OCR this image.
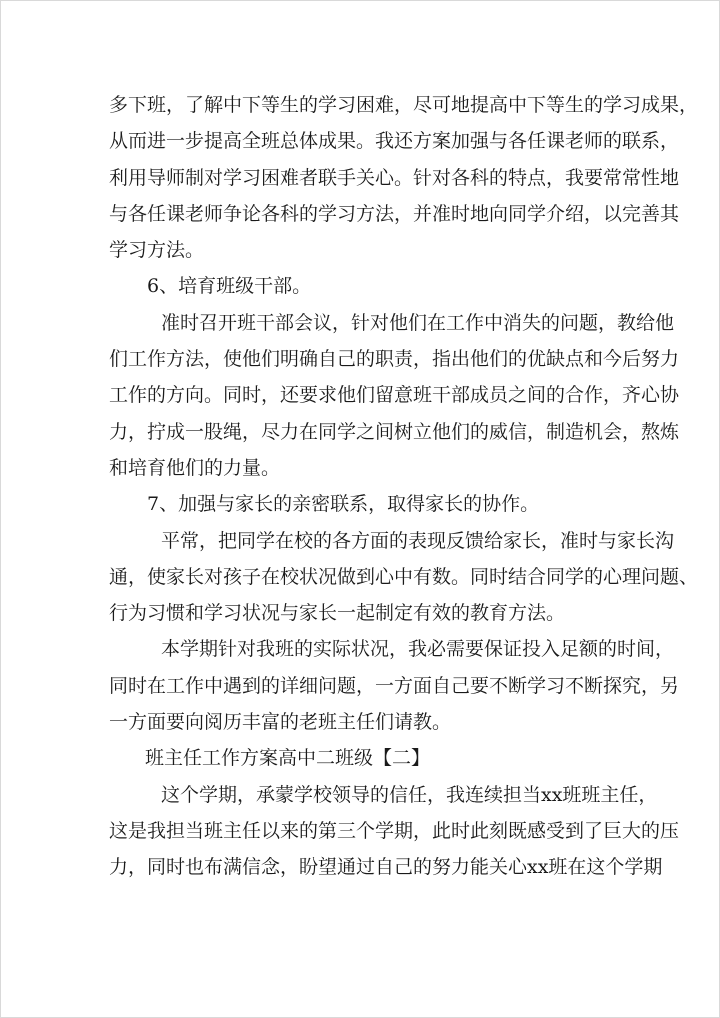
多下班，了解中下等生的学习困难，尽可地提高中下等生的学习成果，
从而进一步提高全班总体成果。我还方案加强与各任课老师的联系，
利用导师制对学习困难者联手关心。针对各科的特点，我要常常性地
与各任课老师争论各科的学习方法，并准时地向同学介绍，以完善其
学习方法。
6、培育班级干部。
准时召开班干部会议，针对他们在工作中消失的问题，教给他
们工作方法，使他们明确自己的职责，指出他们的优缺点和今后努力
工作的方向。同时，还要求他们留意班干部成员之间的合作，齐心协
力，拧成一股绳，尽力在同学之间树立他们的威信，制造机会，熬炼
和培育他们的力量。
7、加强与家长的亲密联系，取得家长的协作。
平常，把同学在校的各方面的表现反馈给家长，准时与家长沟
通，使家长对孩子在校状况做到心中有数。同时结合同学的心理问题、
行为习惯和学习状况与家长一起制定有效的教育方法。
本学期针对我班的实际状况，我必需要保证投入足额的时间，
同时在工作中遇到的详细问题，一方面自己要不断学习不断探究，另
一方面要向阅历丰富的老班主任们请教。
班主任工作方案高中二班级【二】
这个学期，承蒙学校领导的信任，我连续担当xx班班主任，
这是我担当班主任以来的第三个学期，此时此刻既感受到了巨大的压
力，同时也布满信念，盼望通过自己的努力能关心xx班在这个学期
